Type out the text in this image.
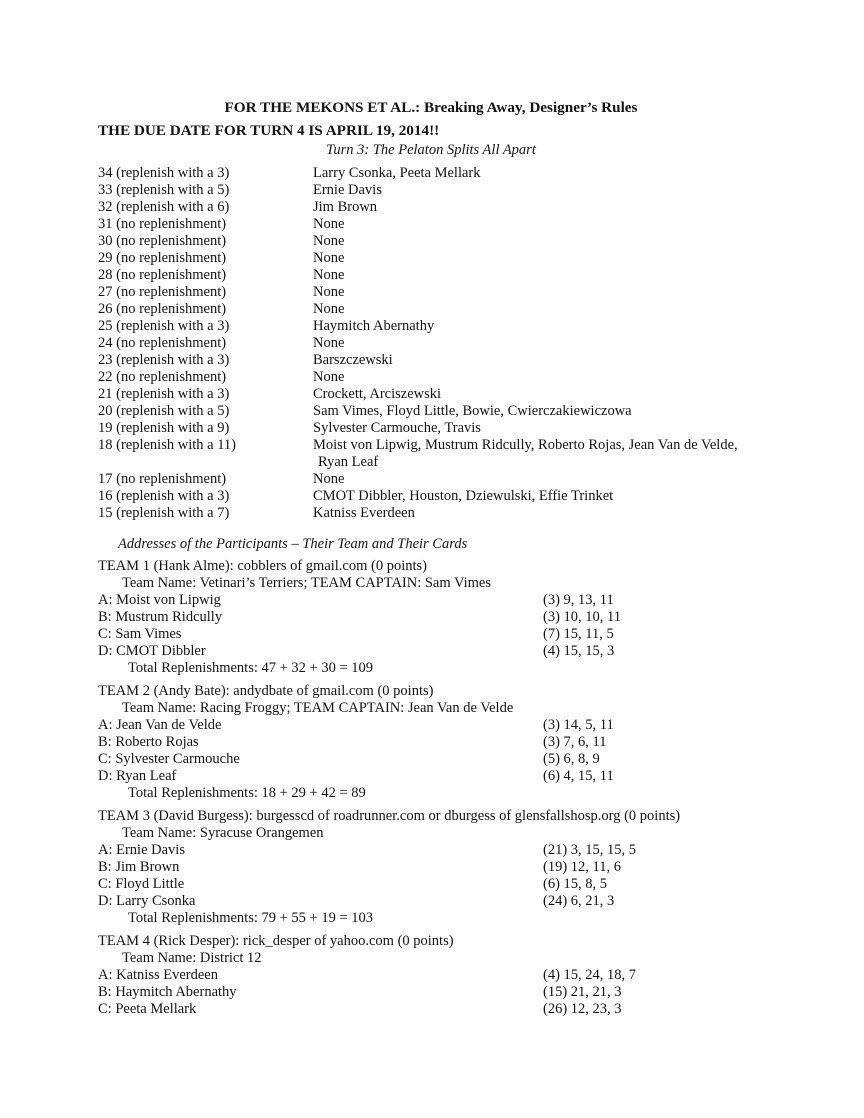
FOR THE MEKONS ET AL.: Breaking Away, Designer’s Rules
THE DUE DATE FOR TURN 4 IS APRIL 19, 2014!!
Turn 3: The Pelaton Splits All Apart
34 (replenish with a 3)	Larry Csonka, Peeta Mellark
33 (replenish with a 5)	Ernie Davis
32 (replenish with a 6)	Jim Brown
31 (no replenishment)	None
30 (no replenishment)	None
29 (no replenishment)	None
28 (no replenishment)	None
27 (no replenishment)	None
26 (no replenishment)	None
25 (replenish with a 3)	Haymitch Abernathy
24 (no replenishment)	None
23 (replenish with a 3)	Barszczewski
22 (no replenishment)	None
21 (replenish with a 3)	Crockett, Arciszewski
20 (replenish with a 5)	Sam Vimes, Floyd Little, Bowie, Cwierczakiewiczowa
19 (replenish with a 9)	Sylvester Carmouche, Travis
18 (replenish with a 11)	Moist von Lipwig, Mustrum Ridcully, Roberto Rojas, Jean Van de Velde, Ryan Leaf
17 (no replenishment)	None
16 (replenish with a 3)	CMOT Dibbler, Houston, Dziewulski, Effie Trinket
15 (replenish with a 7)	Katniss Everdeen
Addresses of the Participants – Their Team and Their Cards
TEAM 1 (Hank Alme): cobblers of gmail.com (0 points)
Team Name: Vetinari’s Terriers; TEAM CAPTAIN: Sam Vimes
A: Moist von Lipwig	(3) 9, 13, 11
B: Mustrum Ridcully	(3) 10, 10, 11
C: Sam Vimes	(7) 15, 11, 5
D: CMOT Dibbler	(4) 15, 15, 3
Total Replenishments: 47 + 32 + 30 = 109
TEAM 2 (Andy Bate): andydbate of gmail.com (0 points)
Team Name: Racing Froggy; TEAM CAPTAIN: Jean Van de Velde
A: Jean Van de Velde	(3) 14, 5, 11
B: Roberto Rojas	(3) 7, 6, 11
C: Sylvester Carmouche	(5) 6, 8, 9
D: Ryan Leaf	(6) 4, 15, 11
Total Replenishments: 18 + 29 + 42 = 89
TEAM 3 (David Burgess): burgesscd of roadrunner.com or dburgess of glensfallshosp.org (0 points)
Team Name: Syracuse Orangemen
A: Ernie Davis	(21) 3, 15, 15, 5
B: Jim Brown	(19) 12, 11, 6
C: Floyd Little	(6) 15, 8, 5
D: Larry Csonka	(24) 6, 21, 3
Total Replenishments: 79 + 55 + 19 = 103
TEAM 4 (Rick Desper): rick_desper of yahoo.com (0 points)
Team Name: District 12
A: Katniss Everdeen	(4) 15, 24, 18, 7
B: Haymitch Abernathy	(15) 21, 21, 3
C: Peeta Mellark	(26) 12, 23, 3
